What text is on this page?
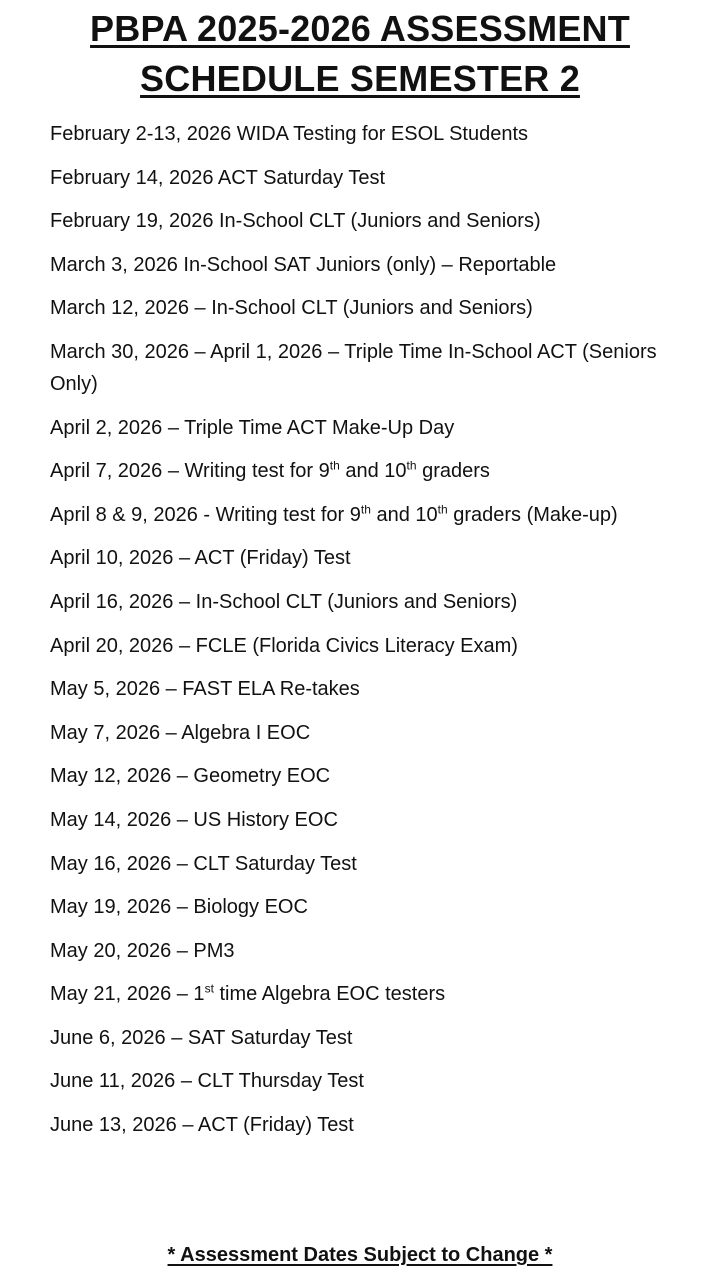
PBPA 2025-2026 ASSESSMENT
SCHEDULE SEMESTER 2
February 2-13, 2026 WIDA Testing for ESOL Students
February 14, 2026 ACT Saturday Test
February 19, 2026 In-School CLT (Juniors and Seniors)
March 3, 2026 In-School SAT Juniors (only) – Reportable
March 12, 2026 – In-School CLT (Juniors and Seniors)
March 30, 2026 – April 1, 2026 – Triple Time In-School ACT (Seniors Only)
April 2, 2026 – Triple Time ACT Make-Up Day
April 7, 2026 – Writing test for 9th and 10th graders
April 8 & 9, 2026 - Writing test for 9th and 10th graders (Make-up)
April 10, 2026 – ACT (Friday) Test
April 16, 2026 – In-School CLT (Juniors and Seniors)
April 20, 2026 – FCLE (Florida Civics Literacy Exam)
May 5, 2026 – FAST ELA Re-takes
May 7, 2026 – Algebra I EOC
May 12, 2026 – Geometry EOC
May 14, 2026 – US History EOC
May 16, 2026 – CLT Saturday Test
May 19, 2026 – Biology EOC
May 20, 2026 – PM3
May 21, 2026 – 1st time Algebra EOC testers
June 6, 2026 – SAT Saturday Test
June 11, 2026 – CLT Thursday Test
June 13, 2026 – ACT (Friday) Test
* Assessment Dates Subject to Change *
